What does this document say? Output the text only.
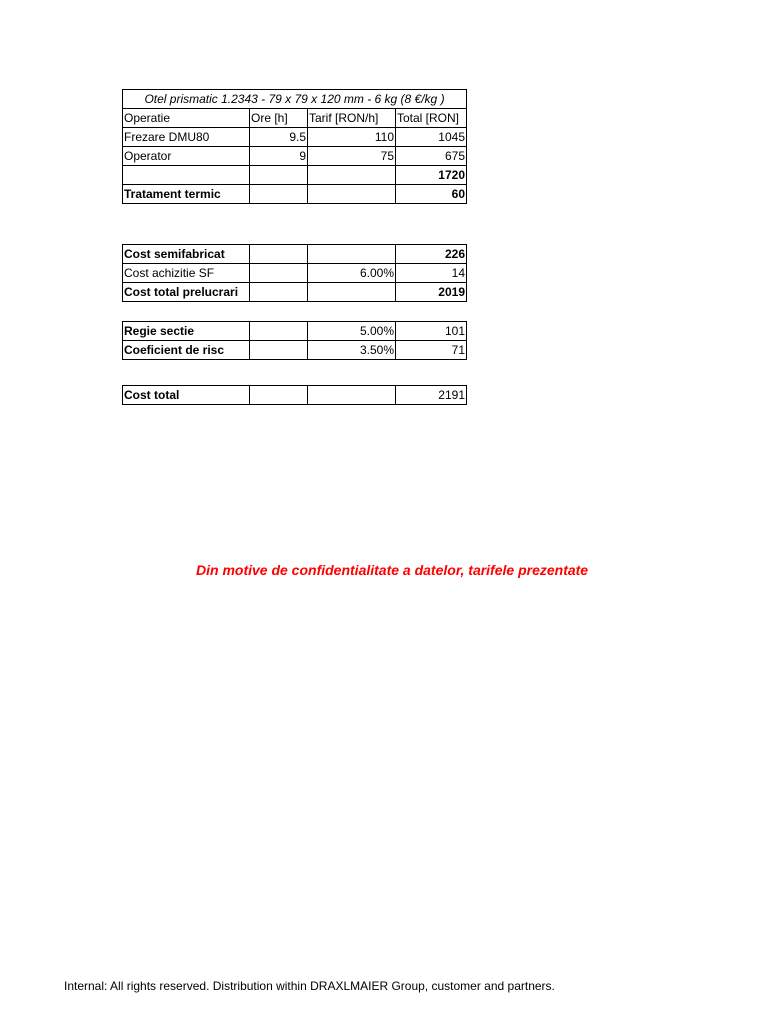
Otel prismatic 1.2343 - 79 x 79 x 120 mm - 6 kg (8 €/kg )			
Operatie	Ore [h]	Tarif [RON/h]	Total [RON]
Frezare DMU80	9.5	110	1045
Operator	9	75	675
			1720
Tratament termic			60
Cost semifabricat			226
Cost achizitie SF		6.00%	14
Cost total prelucrari			2019
Regie sectie		5.00%	101
Coeficient de risc		3.50%	71
Cost total			2191
Din motive de confidentialitate a datelor, tarifele prezentate
Internal: All rights reserved. Distribution within DRAXLMAIER Group, customer and partners.
